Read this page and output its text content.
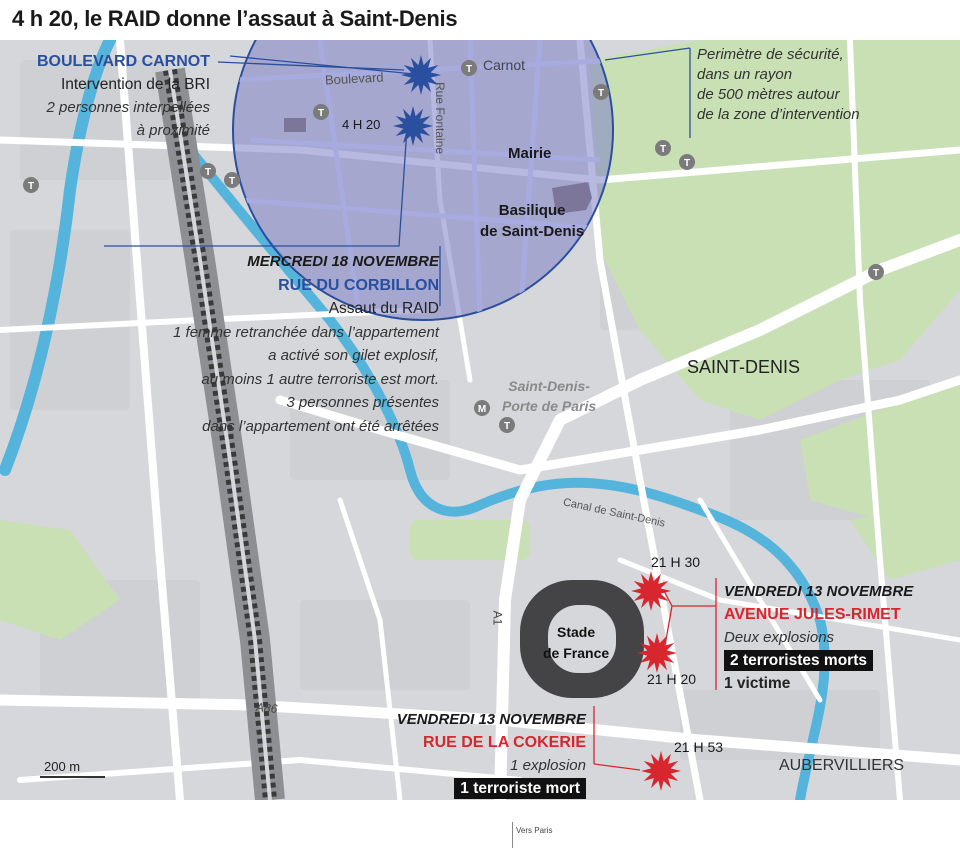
4 h 20, le RAID donne l’assaut à Saint-Denis
T
T
T
T
T
T
T
T
T
T
M
Boulevard
Carnot
Rue Fontaine
4 H 20
Mairie
Basilique
de Saint-Denis
SAINT-DENIS
Saint-Denis-
Porte de Paris
Canal de Saint-Denis
A1
A86
Stade
de France
AUBERVILLIERS
200 m
21 H 30
21 H 20
21 H 53
BOULEVARD CARNOT
Intervention de la BRI
2 personnes interpellées
à proximité
MERCREDI 18 NOVEMBRE
RUE DU CORBILLON
Assaut du RAID
1 femme retranchée dans l’appartement
a activé son gilet explosif,
au moins 1 autre terroriste est mort.
3 personnes présentes
dans l’appartement ont été arrêtées
Perimètre de sécurité,
dans un rayon
de 500 mètres autour
de la zone d’intervention
VENDREDI 13 NOVEMBRE
AVENUE JULES-RIMET
Deux explosions
2 terroristes morts
1 victime
VENDREDI 13 NOVEMBRE
RUE DE LA COKERIE
1 explosion
1 terroriste mort
Vers Paris
